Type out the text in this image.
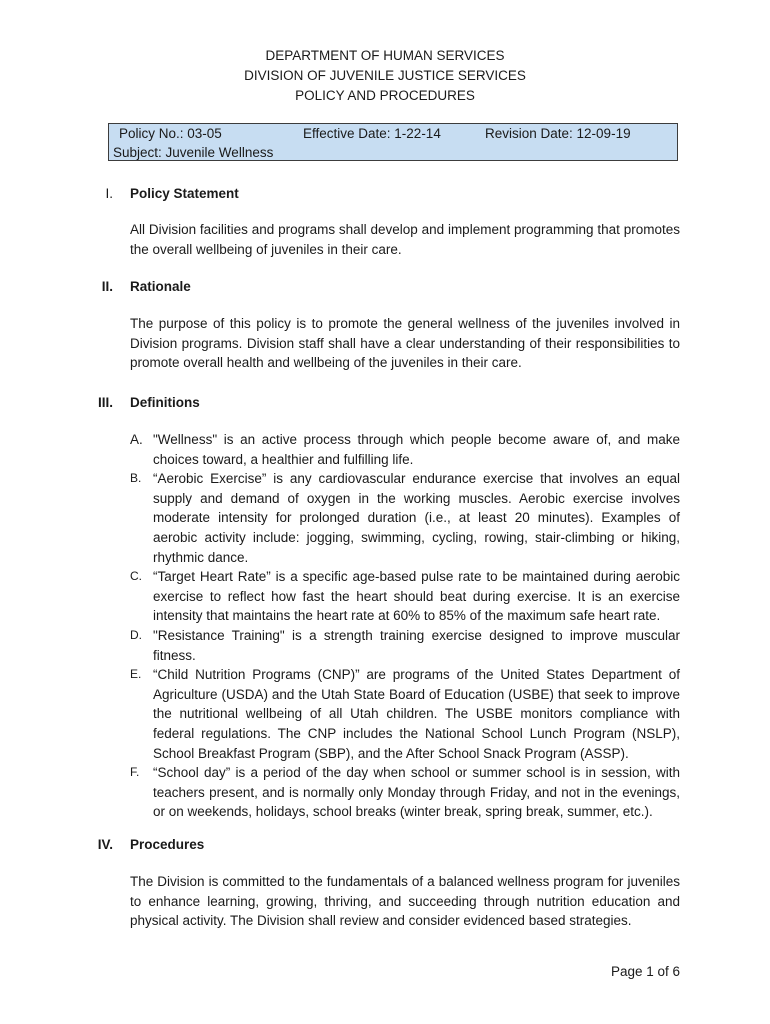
DEPARTMENT OF HUMAN SERVICES
DIVISION OF JUVENILE JUSTICE SERVICES
POLICY AND PROCEDURES
Policy No.: 03-05	Effective Date: 1-22-14	Revision Date: 12-09-19
Subject: Juvenile Wellness
I. Policy Statement
All Division facilities and programs shall develop and implement programming that promotes the overall wellbeing of juveniles in their care.
II. Rationale
The purpose of this policy is to promote the general wellness of the juveniles involved in Division programs. Division staff shall have a clear understanding of their responsibilities to promote overall health and wellbeing of the juveniles in their care.
III. Definitions
A. "Wellness" is an active process through which people become aware of, and make choices toward, a healthier and fulfilling life.
B. “Aerobic Exercise” is any cardiovascular endurance exercise that involves an equal supply and demand of oxygen in the working muscles. Aerobic exercise involves moderate intensity for prolonged duration (i.e., at least 20 minutes). Examples of aerobic activity include: jogging, swimming, cycling, rowing, stair-climbing or hiking, rhythmic dance.
C. “Target Heart Rate” is a specific age-based pulse rate to be maintained during aerobic exercise to reflect how fast the heart should beat during exercise. It is an exercise intensity that maintains the heart rate at 60% to 85% of the maximum safe heart rate.
D. "Resistance Training" is a strength training exercise designed to improve muscular fitness.
E. “Child Nutrition Programs (CNP)” are programs of the United States Department of Agriculture (USDA) and the Utah State Board of Education (USBE) that seek to improve the nutritional wellbeing of all Utah children. The USBE monitors compliance with federal regulations. The CNP includes the National School Lunch Program (NSLP), School Breakfast Program (SBP), and the After School Snack Program (ASSP).
F. “School day” is a period of the day when school or summer school is in session, with teachers present, and is normally only Monday through Friday, and not in the evenings, or on weekends, holidays, school breaks (winter break, spring break, summer, etc.).
IV. Procedures
The Division is committed to the fundamentals of a balanced wellness program for juveniles to enhance learning, growing, thriving, and succeeding through nutrition education and physical activity. The Division shall review and consider evidenced based strategies.
Page 1 of 6
